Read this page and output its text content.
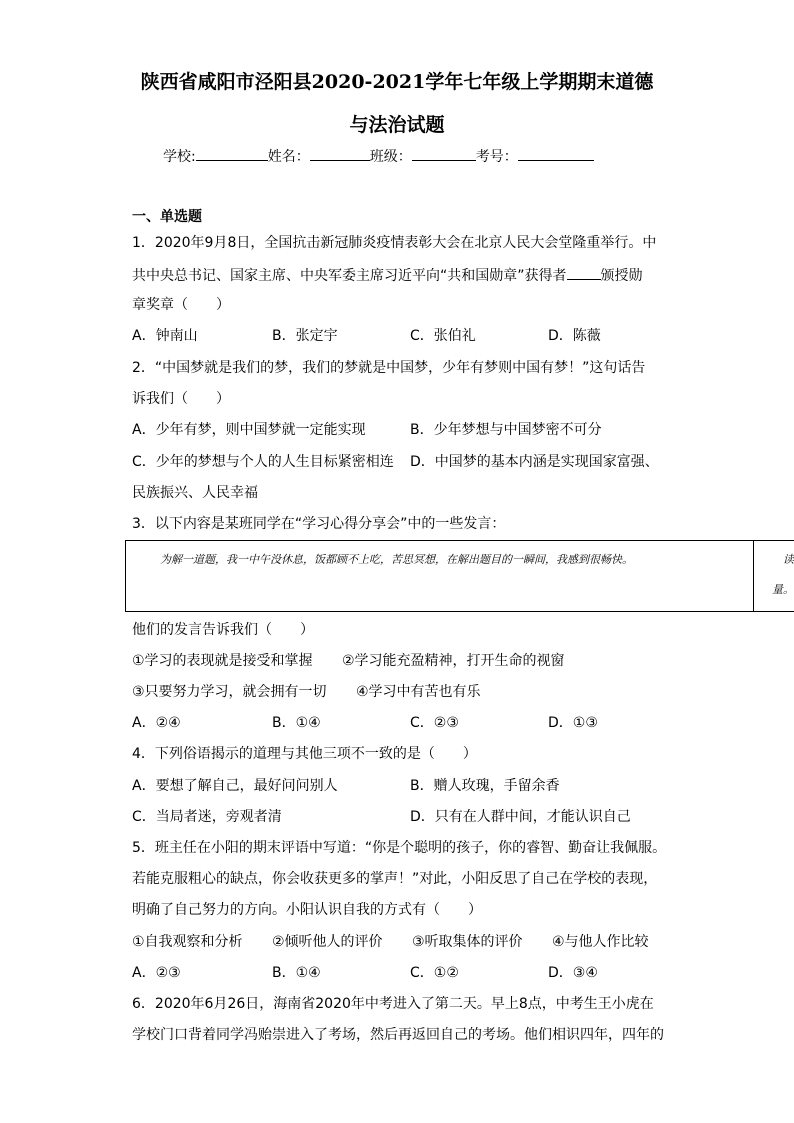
陕西省咸阳市泾阳县2020-2021学年七年级上学期期末道德
与法治试题
学校:	姓名：	班级：	考号：
一、单选题
1．2020年9月8日，全国抗击新冠肺炎疫情表彰大会在北京人民大会堂隆重举行。中
共中央总书记、国家主席、中央军委主席习近平向“共和国勋章”获得者 颁授勋
章奖章（　　）
A．钟南山	B．张定宇	C．张伯礼	D．陈薇
2．“中国梦就是我们的梦，我们的梦就是中国梦，少年有梦则中国有梦！”这句话告
诉我们（　　）
A．少年有梦，则中国梦就一定能实现	B．少年梦想与中国梦密不可分
C．少年的梦想与个人的人生目标紧密相连 D．中国梦的基本内涵是实现国家富强、
民族振兴、人民幸福
3．以下内容是某班同学在“学习心得分享会”中的一些发言：
为解一道题，我一中午没休息，饭都顾不上吃，苦思冥想，在解出题目的一瞬间，我感到很畅快。	读量。
他们的发言告诉我们（　　）
①学习的表现就是接受和掌握 ②学习能充盈精神，打开生命的视窗
③只要努力学习，就会拥有一切 ④学习中有苦也有乐
A．②④	B．①④	C．②③	D．①③
4．下列俗语揭示的道理与其他三项不一致的是（　　）
A．要想了解自己，最好问问别人	B．赠人玫瑰，手留余香
C．当局者迷，旁观者清	D．只有在人群中间，才能认识自己
5．班主任在小阳的期末评语中写道：“你是个聪明的孩子，你的睿智、勤奋让我佩服。
若能克服粗心的缺点，你会收获更多的掌声！”对此，小阳反思了自己在学校的表现，
明确了自己努力的方向。小阳认识自我的方式有（　　）
①自我观察和分析 ②倾听他人的评价 ③听取集体的评价 ④与他人作比较
A．②③	B．①④	C．①②	D．③④
6．2020年6月26日，海南省2020年中考进入了第二天。早上8点，中考生王小虎在
学校门口背着同学冯贻崇进入了考场，然后再返回自己的考场。他们相识四年，四年的
